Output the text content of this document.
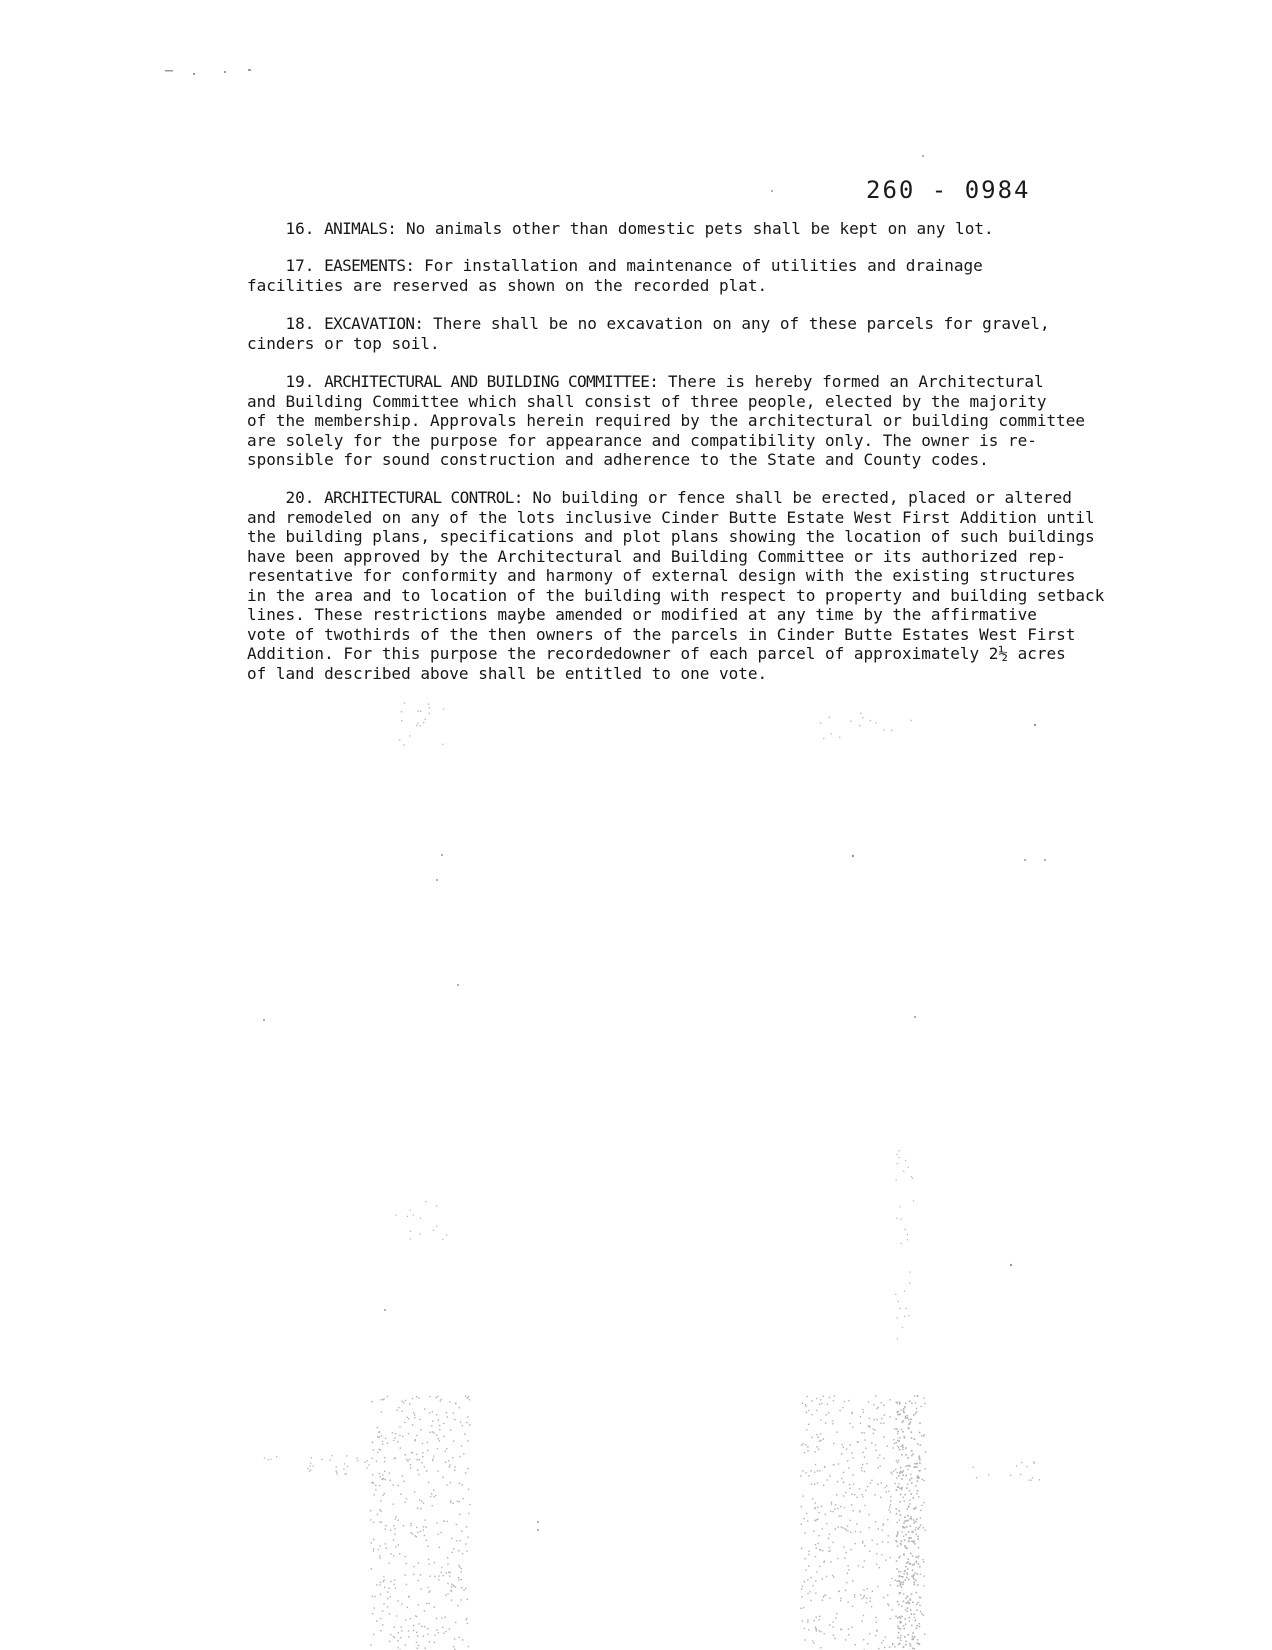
260 - 0984
16. ANIMALS: No animals other than domestic pets shall be kept on any lot.
17. EASEMENTS: For installation and maintenance of utilities and drainage
facilities are reserved as shown on the recorded plat.
18. EXCAVATION: There shall be no excavation on any of these parcels for gravel,
cinders or top soil.
19. ARCHITECTURAL AND BUILDING COMMITTEE: There is hereby formed an Architectural
and Building Committee which shall consist of three people, elected by the majority
of the membership. Approvals herein required by the architectural or building committee
are solely for the purpose for appearance and compatibility only. The owner is re-
sponsible for sound construction and adherence to the State and County codes.
20. ARCHITECTURAL CONTROL: No building or fence shall be erected, placed or altered
and remodeled on any of the lots inclusive Cinder Butte Estate West First Addition until
the building plans, specifications and plot plans showing the location of such buildings
have been approved by the Architectural and Building Committee or its authorized rep-
resentative for conformity and harmony of external design with the existing structures
in the area and to location of the building with respect to property and building setback
lines. These restrictions maybe amended or modified at any time by the affirmative
vote of twothirds of the then owners of the parcels in Cinder Butte Estates West First
Addition. For this purpose the recordedowner of each parcel of approximately 2½ acres
of land described above shall be entitled to one vote.
